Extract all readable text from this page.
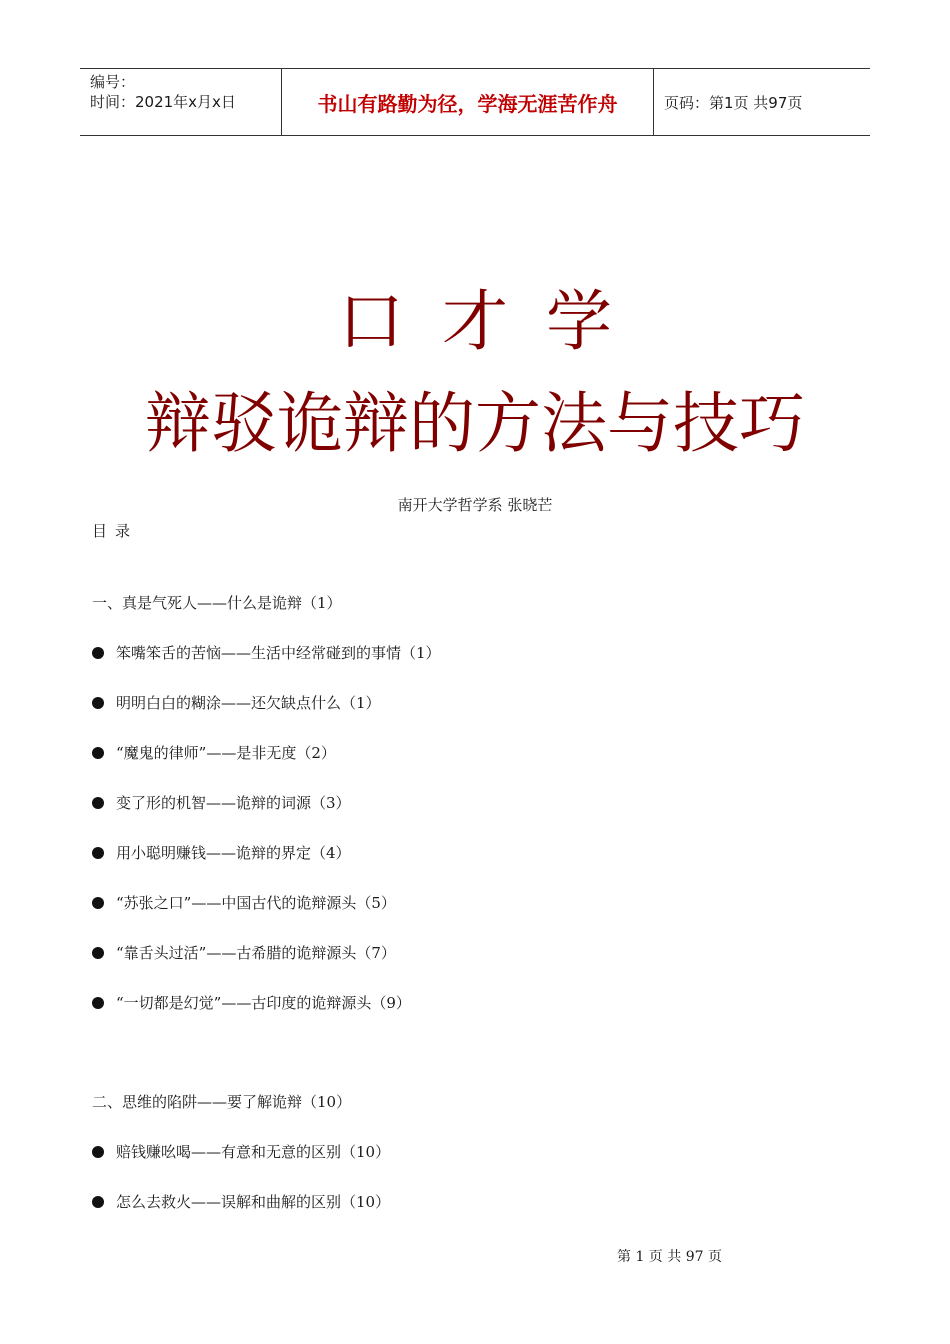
编号：
时间：2021年x月x日	书山有路勤为径，学海无涯苦作舟	页码：第1页 共97页
口才学
辩驳诡辩的方法与技巧
南开大学哲学系 张晓芒
目录
一、真是气死人——什么是诡辩（1）
笨嘴笨舌的苦恼——生活中经常碰到的事情（1）
明明白白的糊涂——还欠缺点什么（1）
“魔鬼的律师”——是非无度（2）
变了形的机智——诡辩的词源（3）
用小聪明赚钱——诡辩的界定（4）
“苏张之口”——中国古代的诡辩源头（5）
“靠舌头过活”——古希腊的诡辩源头（7）
“一切都是幻觉”——古印度的诡辩源头（9）
二、思维的陷阱——要了解诡辩（10）
赔钱赚吆喝——有意和无意的区别（10）
怎么去救火——误解和曲解的区别（10）
第 1 页 共 97 页
